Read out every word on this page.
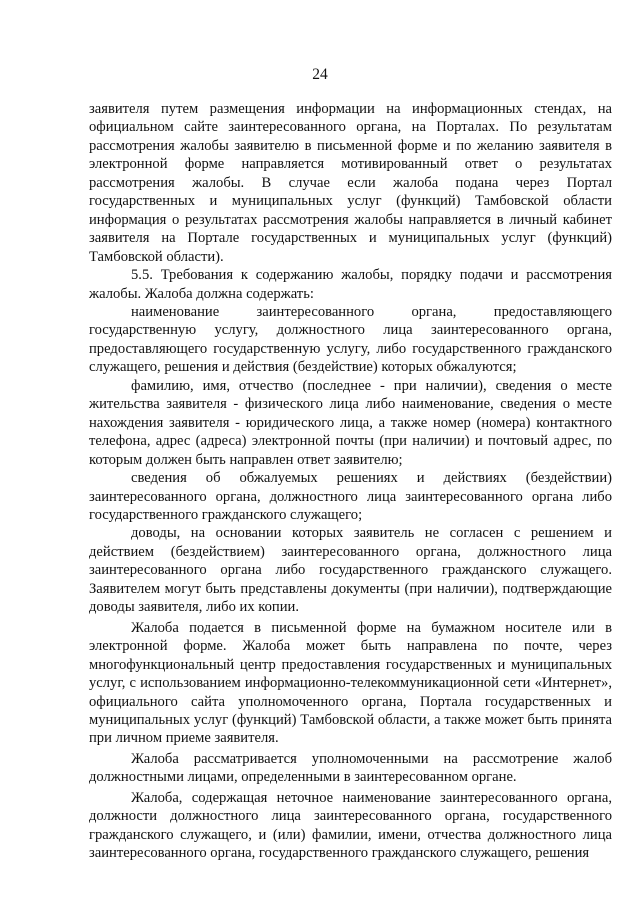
24

заявителя путем размещения информации на информационных стендах, на официальном сайте заинтересованного органа, на Порталах. По результатам рассмотрения жалобы заявителю в письменной форме и по желанию заявителя в электронной форме направляется мотивированный ответ о результатах рассмотрения жалобы. В случае если жалоба подана через Портал государственных и муниципальных услуг (функций) Тамбовской области информация о результатах рассмотрения жалобы направляется в личный кабинет заявителя на Портале государственных и муниципальных услуг (функций) Тамбовской области).

5.5. Требования к содержанию жалобы, порядку подачи и рассмотрения жалобы. Жалоба должна содержать:

наименование заинтересованного органа, предоставляющего государственную услугу, должностного лица заинтересованного органа, предоставляющего государственную услугу, либо государственного гражданского служащего, решения и действия (бездействие) которых обжалуются;

фамилию, имя, отчество (последнее - при наличии), сведения о месте жительства заявителя - физического лица либо наименование, сведения о месте нахождения заявителя - юридического лица, а также номер (номера) контактного телефона, адрес (адреса) электронной почты (при наличии) и почтовый адрес, по которым должен быть направлен ответ заявителю;

сведения об обжалуемых решениях и действиях (бездействии) заинтересованного органа, должностного лица заинтересованного органа либо государственного гражданского служащего;

доводы, на основании которых заявитель не согласен с решением и действием (бездействием) заинтересованного органа, должностного лица заинтересованного органа либо государственного гражданского служащего. Заявителем могут быть представлены документы (при наличии), подтверждающие доводы заявителя, либо их копии.

Жалоба подается в письменной форме на бумажном носителе или в электронной форме. Жалоба может быть направлена по почте, через многофункциональный центр предоставления государственных и муниципальных услуг, с использованием информационно-телекоммуникационной сети «Интернет», официального сайта уполномоченного органа, Портала государственных и муниципальных услуг (функций) Тамбовской области, а также может быть принята при личном приеме заявителя.

Жалоба рассматривается уполномоченными на рассмотрение жалоб должностными лицами, определенными в заинтересованном органе.

Жалоба, содержащая неточное наименование заинтересованного органа, должности должностного лица заинтересованного органа, государственного гражданского служащего, и (или) фамилии, имени, отчества должностного лица заинтересованного органа, государственного гражданского служащего, решения
